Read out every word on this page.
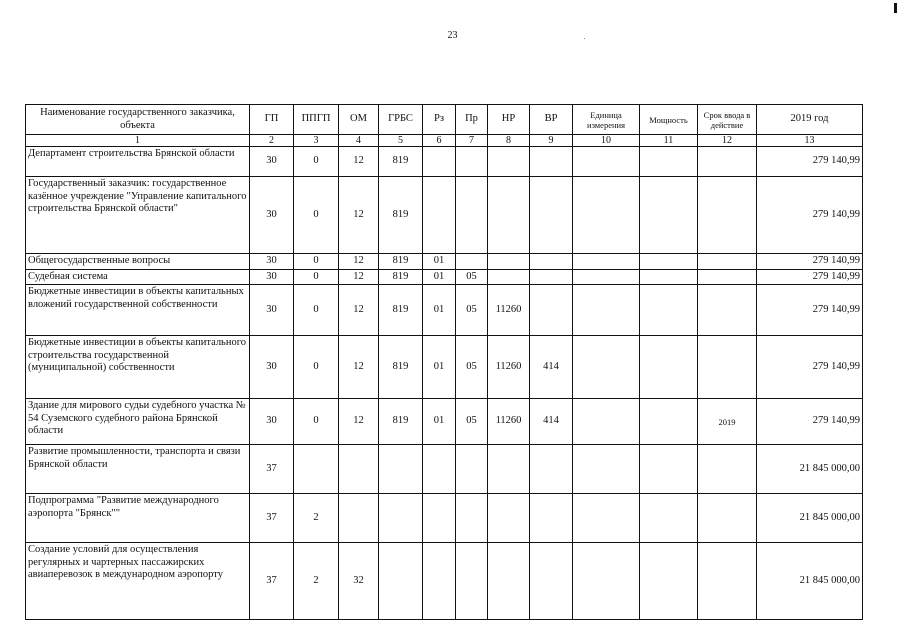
23
Наименование государственного заказчика, объекта	ГП	ППГП	ОМ	ГРБС	Рз	Пр	НР	ВР	Единица измерения	Мощность	Срок ввода в действие	2019 год
1	2	3	4	5	6	7	8	9	10	11	12	13
Департамент строительства Брянской области	30	0	12	819								279 140,99
Государственный заказчик: государственное казённое учреждение "Управление капитального строительства Брянской области"	30	0	12	819								279 140,99
Общегосударственные вопросы	30	0	12	819	01							279 140,99
Судебная система	30	0	12	819	01	05						279 140,99
Бюджетные инвестиции в объекты капитальных вложений государственной собственности	30	0	12	819	01	05	11260					279 140,99
Бюджетные инвестиции в объекты капитального строительства государственной (муниципальной) собственности	30	0	12	819	01	05	11260	414				279 140,99
Здание для мирового судьи судебного участка № 54 Суземского судебного района Брянской области	30	0	12	819	01	05	11260	414			2019	279 140,99
Развитие промышленности, транспорта и связи Брянской области	37											21 845 000,00
Подпрограмма "Развитие международного аэропорта "Брянск""	37	2										21 845 000,00
Создание условий для осуществления регулярных и чартерных пассажирских авиаперевозок в международном аэропорту	37	2	32									21 845 000,00
